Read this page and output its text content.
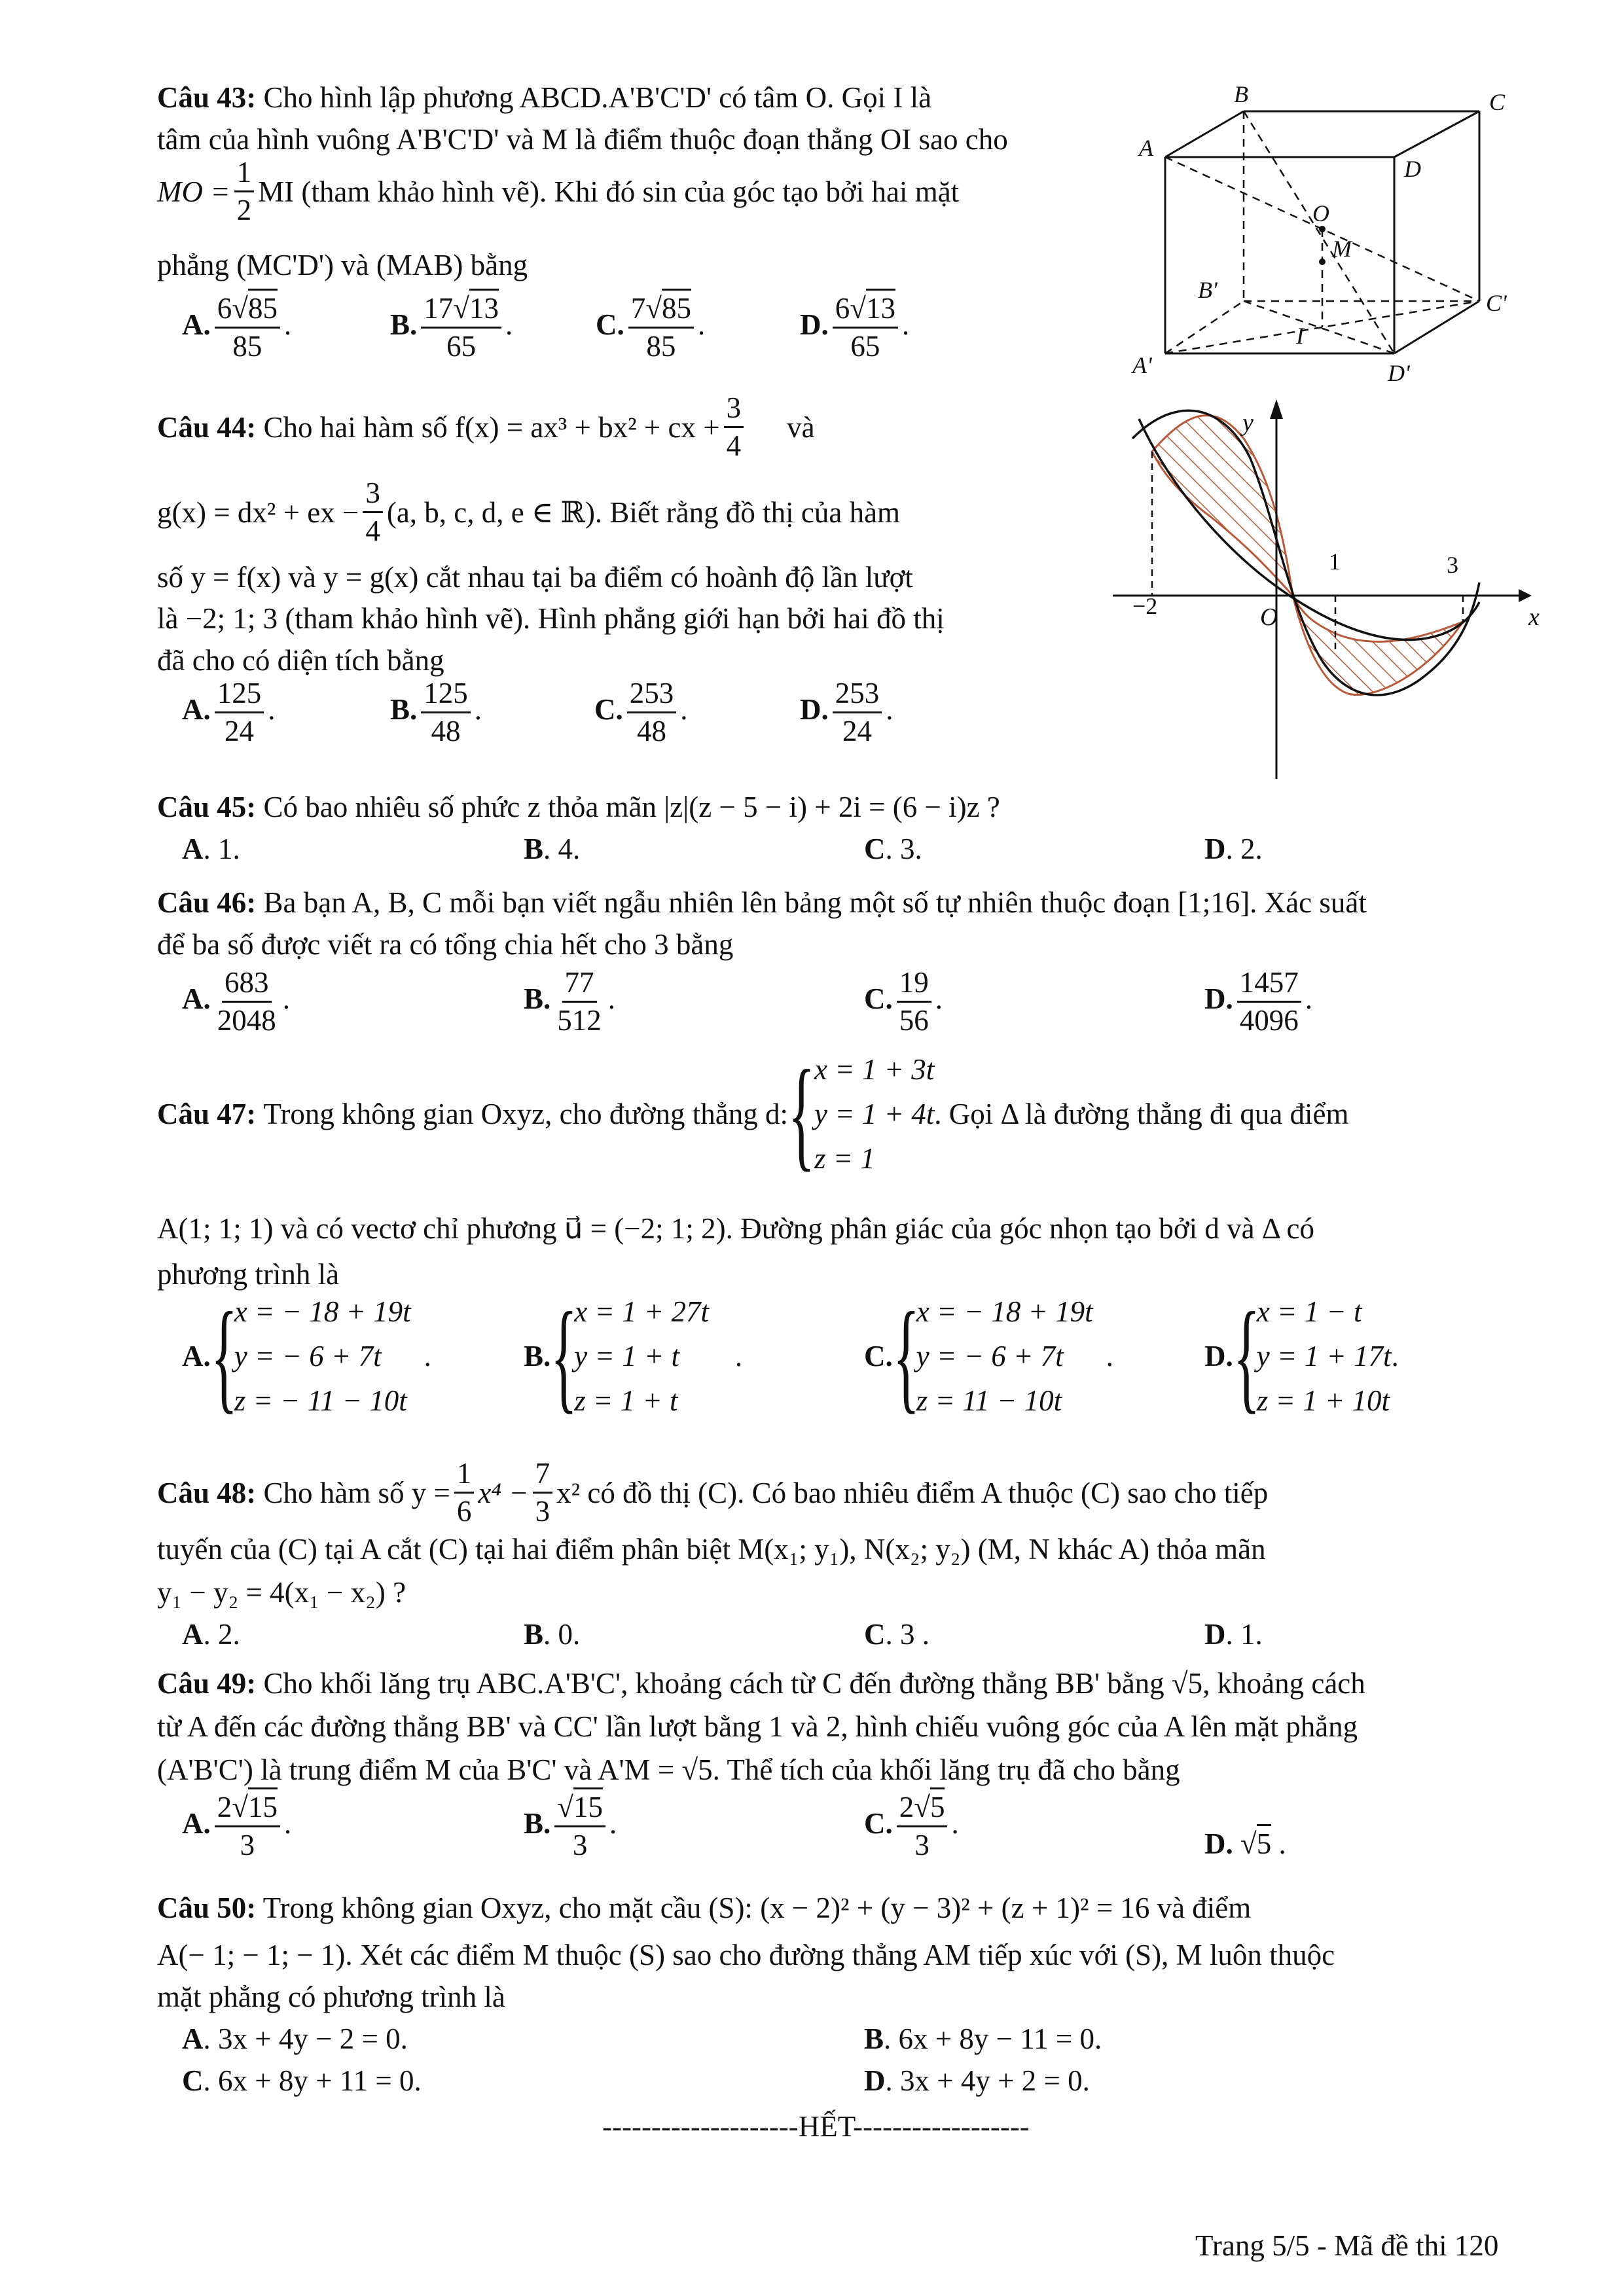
Câu 43: Cho hình lập phương ABCD.A'B'C'D' có tâm O. Gọi I là
tâm của hình vuông A'B'C'D' và M là điểm thuộc đoạn thẳng OI sao cho
MO = $\frac{1}{2}$ MI (tham khảo hình vẽ). Khi đó sin của góc tạo bởi hai mặt
phẳng (MC'D') và (MAB) bằng
A. $\frac{6√85}{85}$ .	B. $\frac{17√13}{65}$ .	C. $\frac{7√85}{85}$ .	D. $\frac{6√13}{65}$ .
B	C
A
D
B'	C'
A'	D'
O
M
I
Câu 44:
Cho hai hàm số f(x) = ax³ + bx² + cx + $\frac{3}{4}$ và
g(x) = dx² + ex − $\frac{3}{4} (a$, b, c, d, e ∈ ℝ). Biết rằng đồ thị của hàm
số y = f(x) và y = g(x) cắt nhau tại ba điểm có hoành độ lần lượt
là −2; 1; 3 (tham khảo hình vẽ). Hình phẳng giới hạn bởi hai đồ thị
đã cho có diện tích bằng
A. $\frac{125}{24}$ .	B. $\frac{125}{48}$ .	C. $\frac{253}{48}$ .	D. $\frac{253}{24}$ .
y
x
O
1	3
−2
Câu 45: Có bao nhiêu số phức z thỏa mãn |z|(z − 5 − i) + 2i = (6 − i)z ?
A. 1.	B. 4.	C. 3.	D. 2.
Câu 46: Ba bạn A, B, C mỗi bạn viết ngẫu nhiên lên bảng một số tự nhiên thuộc đoạn [1;16]. Xác suất
để ba số được viết ra có tổng chia hết cho 3 bằng
A. $\frac{683}{2048}$ .	B. $\frac{77}{512}$ .	C. $\frac{19}{56}$ .	D. $\frac{1457}{4096}$ .
Câu 47:
Trong không gian Oxyz, cho đường thẳng d: {
x = 1 + 3t
y = 1 + 4t
z = 1
. Gọi Δ là đường thẳng đi qua điểm
A(1; 1; 1) và có vectơ chỉ phương u⃗ = (−2; 1; 2). Đường phân giác của góc nhọn tạo bởi d và Δ có
phương trình là
A. {
x = − 18 + 19t
y = − 6 + 7t
z = − 11 − 10t
.	B. {
x = 1 + 27t
y = 1 + t
z = 1 + t
.	C. {
x = − 18 + 19t
y = − 6 + 7t
z = 11 − 10t
.	D. {
x = 1 − t
y = 1 + 17t
z = 1 + 10t
.
Câu 48:
Cho hàm số $y = \frac{1}{6} x^4 - \frac{7}{3} x^2$ có đồ thị (C). Có bao nhiêu điểm A thuộc (C) sao cho tiếp
tuyến của (C) tại A cắt (C) tại hai điểm phân biệt M(x₁; y₁), N(x₂; y₂) (M, N khác A) thỏa mãn
y₁ − y₂ = 4(x₁ − x₂) ?
A. 2.	B. 0.	C. 3 .	D. 1.
Câu 49: Cho khối lăng trụ ABC.A'B'C', khoảng cách từ C đến đường thẳng BB' bằng √5, khoảng cách
từ A đến các đường thẳng BB' và CC' lần lượt bằng 1 và 2, hình chiếu vuông góc của A lên mặt phẳng
(A'B'C') là trung điểm M của B'C' và A'M = √5. Thể tích của khối lăng trụ đã cho bằng
A. $\frac{2√15}{3}$ .	B. $\frac{√15}{3}$ .	C. $\frac{2√5}{3}$ .
D. √5 .
Câu 50: Trong không gian Oxyz, cho mặt cầu (S): (x − 2)² + (y − 3)² + (z + 1)² = 16 và điểm
A(− 1; − 1; − 1). Xét các điểm M thuộc (S) sao cho đường thẳng AM tiếp xúc với (S), M luôn thuộc
mặt phẳng có phương trình là
A. 3x + 4y − 2 = 0.	B. 6x + 8y − 11 = 0.
C. 6x + 8y + 11 = 0.	D. 3x + 4y + 2 = 0.
--------------------HẾT------------------
Trang 5/5 - Mã đề thi 120
